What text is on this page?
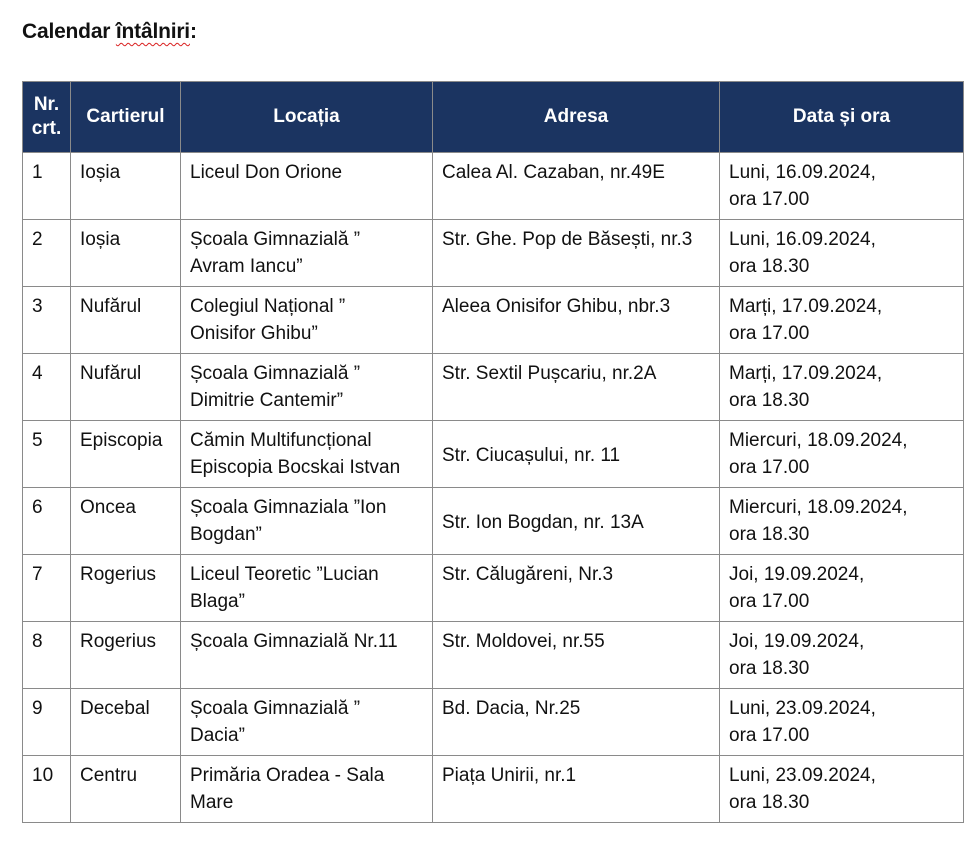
Calendar întâlniri:
Nr.
crt.	Cartierul	Locația	Adresa	Data și ora
1	Ioșia	Liceul Don Orione	Calea Al. Cazaban, nr.49E	Luni, 16.09.2024,
ora 17.00

2	Ioșia	Școala Gimnazială ”
Avram Iancu”	Str. Ghe. Pop de Băsești, nr.3	Luni, 16.09.2024,
ora 18.30

3	Nufărul	Colegiul Național ”
Onisifor Ghibu”	Aleea Onisifor Ghibu, nbr.3	Marți, 17.09.2024,
ora 17.00

4	Nufărul	Școala Gimnazială ”
Dimitrie Cantemir”	Str. Sextil Pușcariu, nr.2A	Marți, 17.09.2024,
ora 18.30

5	Episcopia	Cămin Multifuncțional
Episcopia Bocskai Istvan	Str. Ciucașului, nr. 11	Miercuri, 18.09.2024,
ora 17.00

6	Oncea	Școala Gimnaziala ”Ion
Bogdan”	Str. Ion Bogdan, nr. 13A	Miercuri, 18.09.2024,
ora 18.30

7	Rogerius	Liceul Teoretic ”Lucian
Blaga”	Str. Călugăreni, Nr.3	Joi, 19.09.2024,
ora 17.00

8	Rogerius	Școala Gimnazială Nr.11	Str. Moldovei, nr.55	Joi, 19.09.2024,
ora 18.30

9	Decebal	Școala Gimnazială ”
Dacia”	Bd. Dacia, Nr.25	Luni, 23.09.2024,
ora 17.00

10	Centru	Primăria Oradea - Sala
Mare	Piața Unirii, nr.1	Luni, 23.09.2024,
ora 18.30
